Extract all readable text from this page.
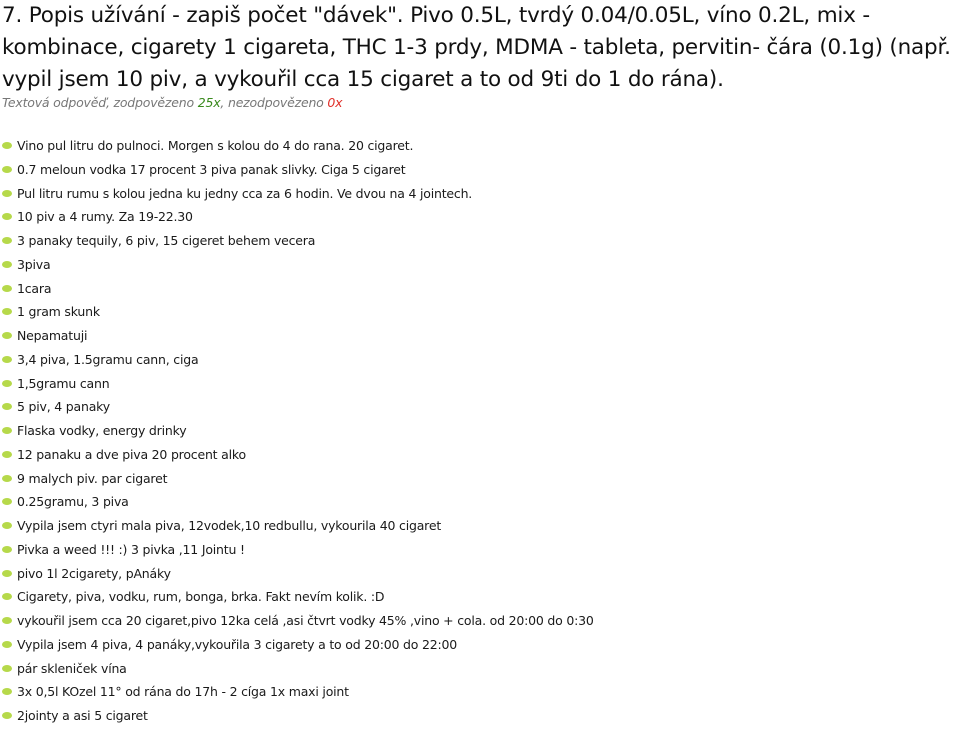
7. Popis užívání - zapiš počet "dávek". Pivo 0.5L, tvrdý 0.04/0.05L, víno 0.2L, mix - kombinace, cigarety 1 cigareta, THC 1-3 prdy, MDMA - tableta, pervitin- čára (0.1g) (např. vypil jsem 10 piv, a vykouřil cca 15 cigaret a to od 9ti do 1 do rána).
Textová odpověď, zodpovězeno 25x, nezodpovězeno 0x
Vino pul litru do pulnoci. Morgen s kolou do 4 do rana. 20 cigaret.
0.7 meloun vodka 17 procent 3 piva panak slivky. Ciga 5 cigaret
Pul litru rumu s kolou jedna ku jedny cca za 6 hodin. Ve dvou na 4 jointech.
10 piv a 4 rumy. Za 19-22.30
3 panaky tequily, 6 piv, 15 cigeret behem vecera
3piva
1cara
1 gram skunk
Nepamatuji
3,4 piva, 1.5gramu cann, ciga
1,5gramu cann
5 piv, 4 panaky
Flaska vodky, energy drinky
12 panaku a dve piva 20 procent alko
9 malych piv. par cigaret
0.25gramu, 3 piva
Vypila jsem ctyri mala piva, 12vodek,10 redbullu, vykourila 40 cigaret
Pivka a weed !!! :) 3 pivka ,11 Jointu !
pivo 1l 2cigarety, pAnáky
Cigarety, piva, vodku, rum, bonga, brka. Fakt nevím kolik. :D
vykouřil jsem cca 20 cigaret,pivo 12ka celá ,asi čtvrt vodky 45% ,vino + cola. od 20:00 do 0:30
Vypila jsem 4 piva, 4 panáky,vykouřila 3 cigarety a to od 20:00 do 22:00
pár skleniček vína
3x 0,5l KOzel 11° od rána do 17h - 2 cíga 1x maxi joint
2jointy a asi 5 cigaret
